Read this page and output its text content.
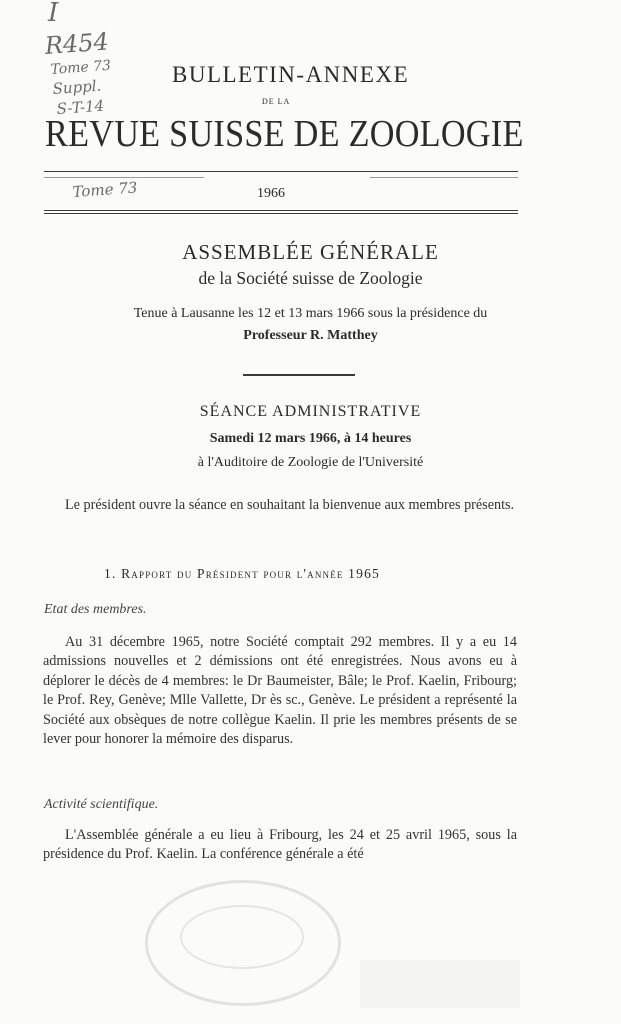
I
R454
Tome 73
Suppl.
S-T-14
BULLETIN-ANNEXE
DE LA
REVUE SUISSE DE ZOOLOGIE
Tome 73	1966
ASSEMBLÉE GÉNÉRALE
de la Société suisse de Zoologie
Tenue à Lausanne les 12 et 13 mars 1966 sous la présidence du
Professeur R. Matthey
SÉANCE ADMINISTRATIVE
Samedi 12 mars 1966, à 14 heures
à l'Auditoire de Zoologie de l'Université

Le président ouvre la séance en souhaitant la bienvenue aux membres présents.

1. Rapport du Président pour l'année 1965
Etat des membres.

Au 31 décembre 1965, notre Société comptait 292 membres. Il y a eu 14 admissions nouvelles et 2 démissions ont été enregistrées. Nous avons eu à déplorer le décès de 4 membres: le Dr Baumeister, Bâle; le Prof. Kaelin, Fribourg; le Prof. Rey, Genève; Mlle Vallette, Dr ès sc., Genève. Le président a représenté la Société aux obsèques de notre collègue Kaelin. Il prie les membres présents de se lever pour honorer la mémoire des disparus.

Activité scientifique.

L'Assemblée générale a eu lieu à Fribourg, les 24 et 25 avril 1965, sous la présidence du Prof. Kaelin. La conférence générale a été
